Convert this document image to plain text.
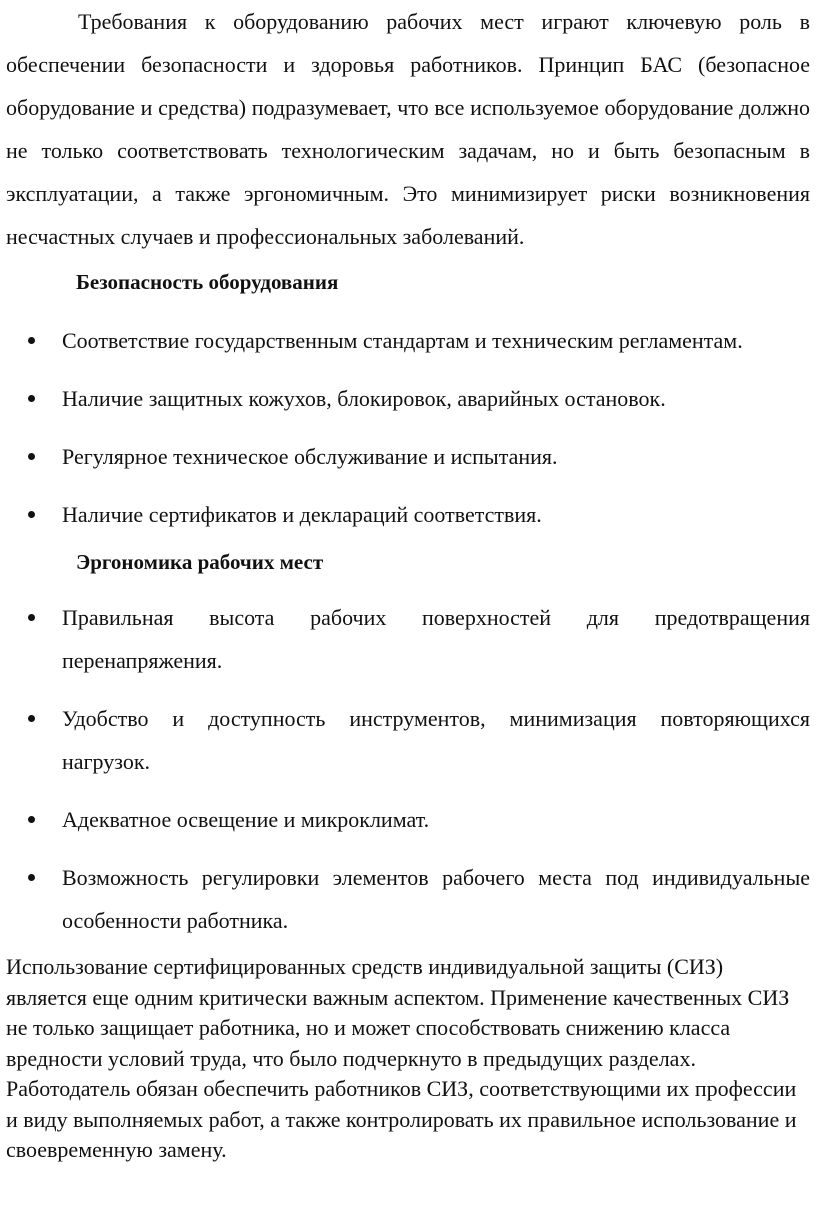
Требования к оборудованию рабочих мест играют ключевую роль в обеспечении безопасности и здоровья работников. Принцип БАС (безопасное оборудование и средства) подразумевает, что все используемое оборудование должно не только соответствовать технологическим задачам, но и быть безопасным в эксплуатации, а также эргономичным. Это минимизирует риски возникновения несчастных случаев и профессиональных заболеваний.

Безопасность оборудования
Соответствие государственным стандартам и техническим регламентам.
Наличие защитных кожухов, блокировок, аварийных остановок.
Регулярное техническое обслуживание и испытания.
Наличие сертификатов и деклараций соответствия.
Эргономика рабочих мест
Правильная высота рабочих поверхностей для предотвращения перенапряжения.
Удобство и доступность инструментов, минимизация повторяющихся нагрузок.
Адекватное освещение и микроклимат.
Возможность регулировки элементов рабочего места под индивидуальные особенности работника.

Использование сертифицированных средств индивидуальной защиты (СИЗ) является еще одним критически важным аспектом. Применение качественных СИЗ не только защищает работника, но и может способствовать снижению класса вредности условий труда, что было подчеркнуто в предыдущих разделах. Работодатель обязан обеспечить работников СИЗ, соответствующими их профессии и виду выполняемых работ, а также контролировать их правильное использование и своевременную замену.
